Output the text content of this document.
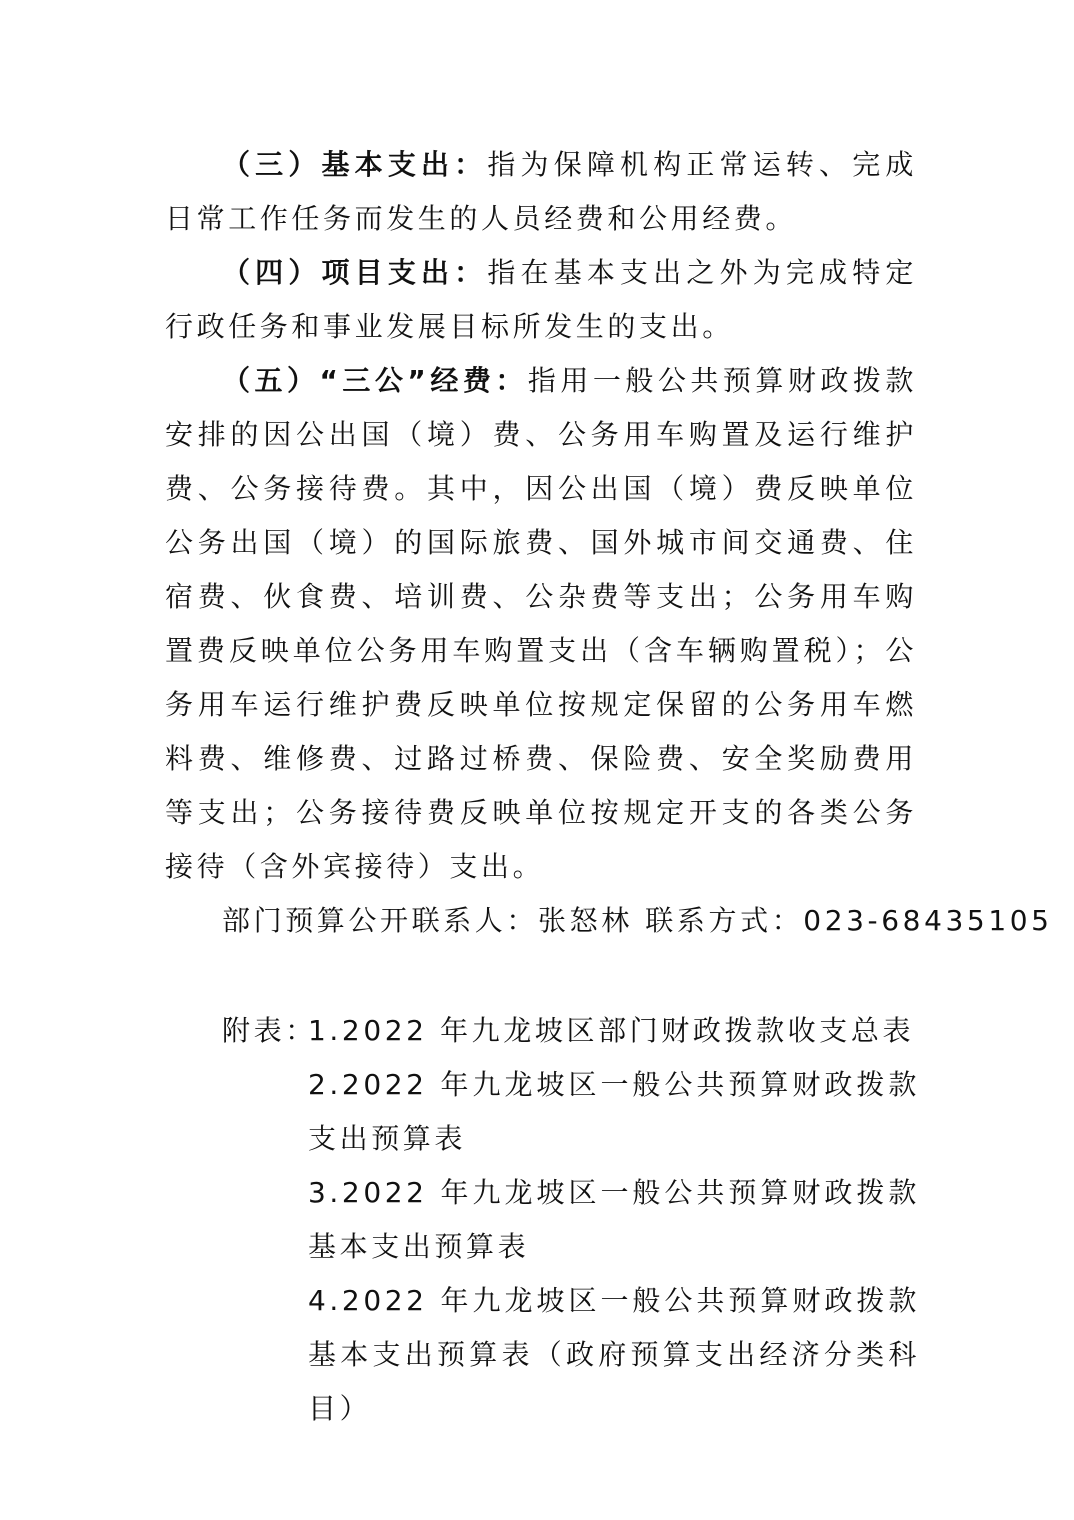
（三）基本支出：指为保障机构正常运转、完成日常工作任务而发生的人员经费和公用经费。

（四）项目支出：指在基本支出之外为完成特定行政任务和事业发展目标所发生的支出。

（五）“三公”经费：指用一般公共预算财政拨款安排的因公出国（境）费、公务用车购置及运行维护费、公务接待费。其中，因公出国（境）费反映单位公务出国（境）的国际旅费、国外城市间交通费、住宿费、伙食费、培训费、公杂费等支出；公务用车购置费反映单位公务用车购置支出（含车辆购置税）；公务用车运行维护费反映单位按规定保留的公务用车燃料费、维修费、过路过桥费、保险费、安全奖励费用等支出；公务接待费反映单位按规定开支的各类公务接待（含外宾接待）支出。

部门预算公开联系人：张怒林 联系方式：023-68435105

附表：

1.2022 年九龙坡区部门财政拨款收支总表

2.2022 年九龙坡区一般公共预算财政拨款支出预算表

3.2022 年九龙坡区一般公共预算财政拨款基本支出预算表

4.2022 年九龙坡区一般公共预算财政拨款基本支出预算表（政府预算支出经济分类科目）
